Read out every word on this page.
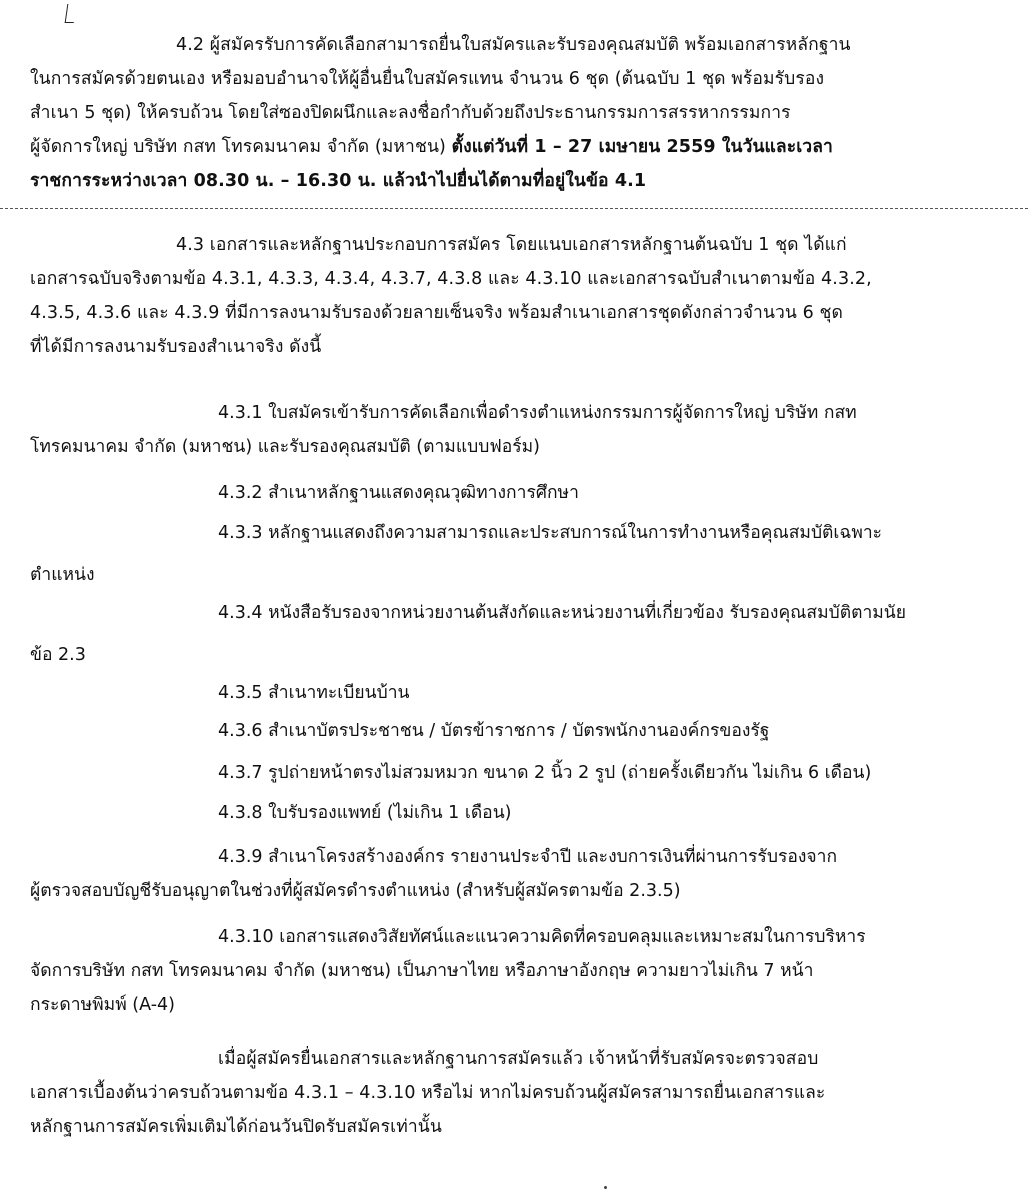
4.2 ผู้สมัครรับการคัดเลือกสามารถยื่นใบสมัครและรับรองคุณสมบัติ พร้อมเอกสารหลักฐาน
ในการสมัครด้วยตนเอง หรือมอบอำนาจให้ผู้อื่นยื่นใบสมัครแทน จำนวน 6 ชุด (ต้นฉบับ 1 ชุด พร้อมรับรอง
สำเนา 5 ชุด) ให้ครบถ้วน โดยใส่ซองปิดผนึกและลงชื่อกำกับด้วยถึงประธานกรรมการสรรหากรรมการ
ผู้จัดการใหญ่ บริษัท กสท โทรคมนาคม จำกัด (มหาชน) ตั้งแต่วันที่ 1 – 27 เมษายน 2559 ในวันและเวลา
ราชการระหว่างเวลา 08.30 น. – 16.30 น. แล้วนำไปยื่นได้ตามที่อยู่ในข้อ 4.1
4.3 เอกสารและหลักฐานประกอบการสมัคร โดยแนบเอกสารหลักฐานต้นฉบับ 1 ชุด ได้แก่
เอกสารฉบับจริงตามข้อ 4.3.1, 4.3.3, 4.3.4, 4.3.7, 4.3.8 และ 4.3.10 และเอกสารฉบับสำเนาตามข้อ 4.3.2,
4.3.5, 4.3.6 และ 4.3.9 ที่มีการลงนามรับรองด้วยลายเซ็นจริง พร้อมสำเนาเอกสารชุดดังกล่าวจำนวน 6 ชุด
ที่ได้มีการลงนามรับรองสำเนาจริง ดังนี้
4.3.1 ใบสมัครเข้ารับการคัดเลือกเพื่อดำรงตำแหน่งกรรมการผู้จัดการใหญ่ บริษัท กสท
โทรคมนาคม จำกัด (มหาชน) และรับรองคุณสมบัติ (ตามแบบฟอร์ม)
4.3.2 สำเนาหลักฐานแสดงคุณวุฒิทางการศึกษา
4.3.3 หลักฐานแสดงถึงความสามารถและประสบการณ์ในการทำงานหรือคุณสมบัติเฉพาะ
ตำแหน่ง
4.3.4 หนังสือรับรองจากหน่วยงานต้นสังกัดและหน่วยงานที่เกี่ยวข้อง รับรองคุณสมบัติตามนัย
ข้อ 2.3
4.3.5 สำเนาทะเบียนบ้าน
4.3.6 สำเนาบัตรประชาชน / บัตรข้าราชการ / บัตรพนักงานองค์กรของรัฐ
4.3.7 รูปถ่ายหน้าตรงไม่สวมหมวก ขนาด 2 นิ้ว 2 รูป (ถ่ายครั้งเดียวกัน ไม่เกิน 6 เดือน)
4.3.8 ใบรับรองแพทย์ (ไม่เกิน 1 เดือน)
4.3.9 สำเนาโครงสร้างองค์กร รายงานประจำปี และงบการเงินที่ผ่านการรับรองจาก
ผู้ตรวจสอบบัญชีรับอนุญาตในช่วงที่ผู้สมัครดำรงตำแหน่ง (สำหรับผู้สมัครตามข้อ 2.3.5)
4.3.10 เอกสารแสดงวิสัยทัศน์และแนวความคิดที่ครอบคลุมและเหมาะสมในการบริหาร
จัดการบริษัท กสท โทรคมนาคม จำกัด (มหาชน) เป็นภาษาไทย หรือภาษาอังกฤษ ความยาวไม่เกิน 7 หน้า
กระดาษพิมพ์ (A-4)
เมื่อผู้สมัครยื่นเอกสารและหลักฐานการสมัครแล้ว เจ้าหน้าที่รับสมัครจะตรวจสอบ
เอกสารเบื้องต้นว่าครบถ้วนตามข้อ 4.3.1 – 4.3.10 หรือไม่ หากไม่ครบถ้วนผู้สมัครสามารถยื่นเอกสารและ
หลักฐานการสมัครเพิ่มเติมได้ก่อนวันปิดรับสมัครเท่านั้น
